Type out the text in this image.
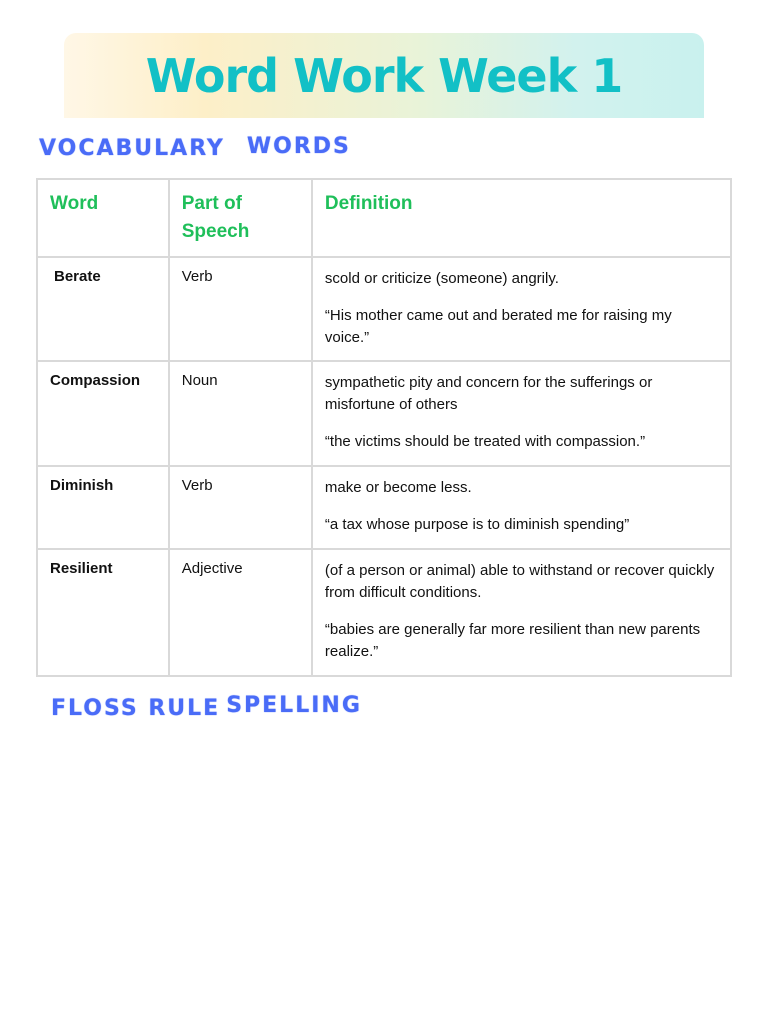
Word Work Week 1
VOCABULARY WORDS
Word	Part of Speech	Definition
Berate	Verb	scold or criticize (someone) angrily.

“His mother came out and berated me for raising my voice.”

Compassion	Noun	sympathetic pity and concern for the sufferings or misfortune of others

“the victims should be treated with compassion.”

Diminish	Verb	make or become less.

“a tax whose purpose is to diminish spending”

Resilient	Adjective	(of a person or animal) able to withstand or recover quickly from difficult conditions.

“babies are generally far more resilient than new parents realize.”

FLOSS RULE SPELLING
